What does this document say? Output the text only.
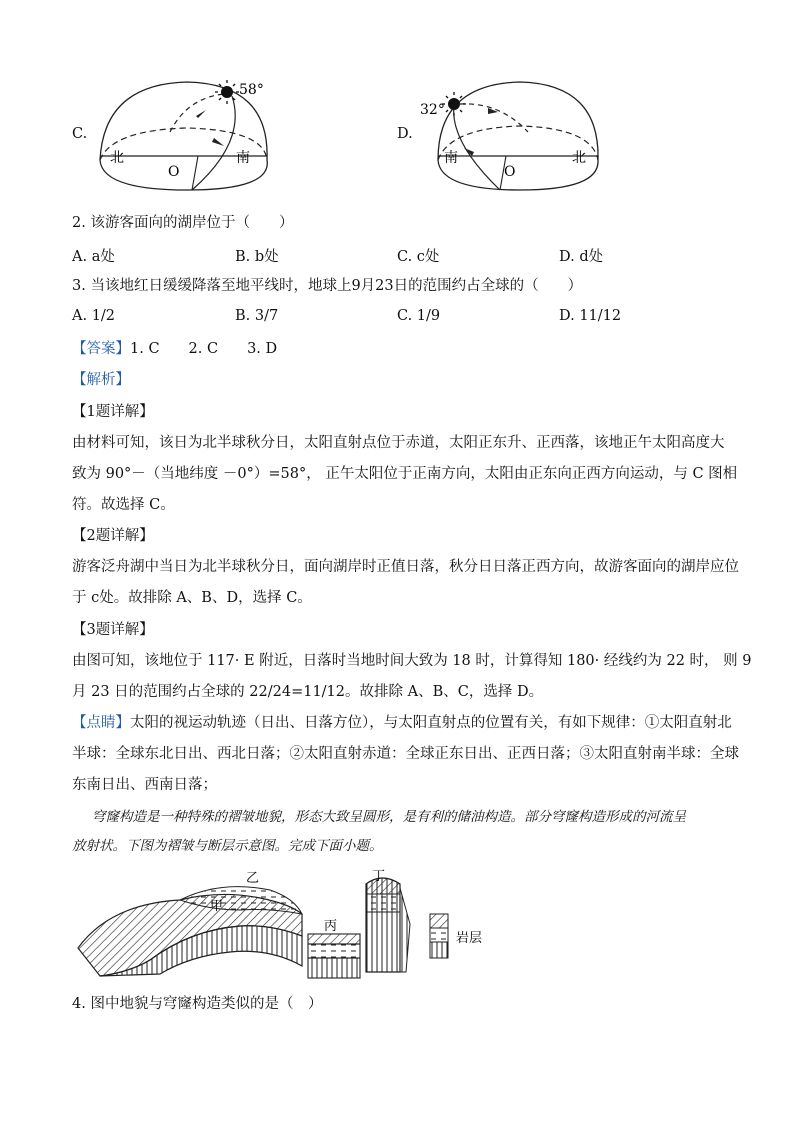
C.
58°
北	南
O
D.
32°
南	北
O
2. 该游客面向的湖岸位于（　　）
A. a处	B. b处	C. c处	D. d处
3. 当该地红日缓缓降落至地平线时，地球上9月23日的范围约占全球的（　　）
A. 1/2	B. 3/7	C. 1/9	D. 11/12
【答案】1. C　　2. C　　3. D
【解析】
【1题详解】
由材料可知，该日为北半球秋分日，太阳直射点位于赤道，太阳正东升、正西落，该地正午太阳高度大
致为 90°－（当地纬度 －0°）=58°， 正午太阳位于正南方向，太阳由正东向正西方向运动，与 C 图相
符。故选择 C。
【2题详解】
游客泛舟湖中当日为北半球秋分日，面向湖岸时正值日落，秋分日日落正西方向，故游客面向的湖岸应位
于 c处。故排除 A、B、D，选择 C。
【3题详解】
由图可知，该地位于 117· E 附近，日落时当地时间大致为 18 时，计算得知 180· 经线约为 22 时， 则 9
月 23 日的范围约占全球的 22/24=11/12。故排除 A、B、C，选择 D。
【点睛】太阳的视运动轨迹（日出、日落方位），与太阳直射点的位置有关，有如下规律：①太阳直射北
半球：全球东北日出、西北日落；②太阳直射赤道：全球正东日出、正西日落；③太阳直射南半球：全球
东南日出、西南日落；
穹窿构造是一种特殊的褶皱地貌，形态大致呈圆形，是有利的储油构造。部分穹窿构造形成的河流呈
放射状。下图为褶皱与断层示意图。完成下面小题。
甲
乙
丙
丁
岩层
4. 图中地貌与穹窿构造类似的是（　）
